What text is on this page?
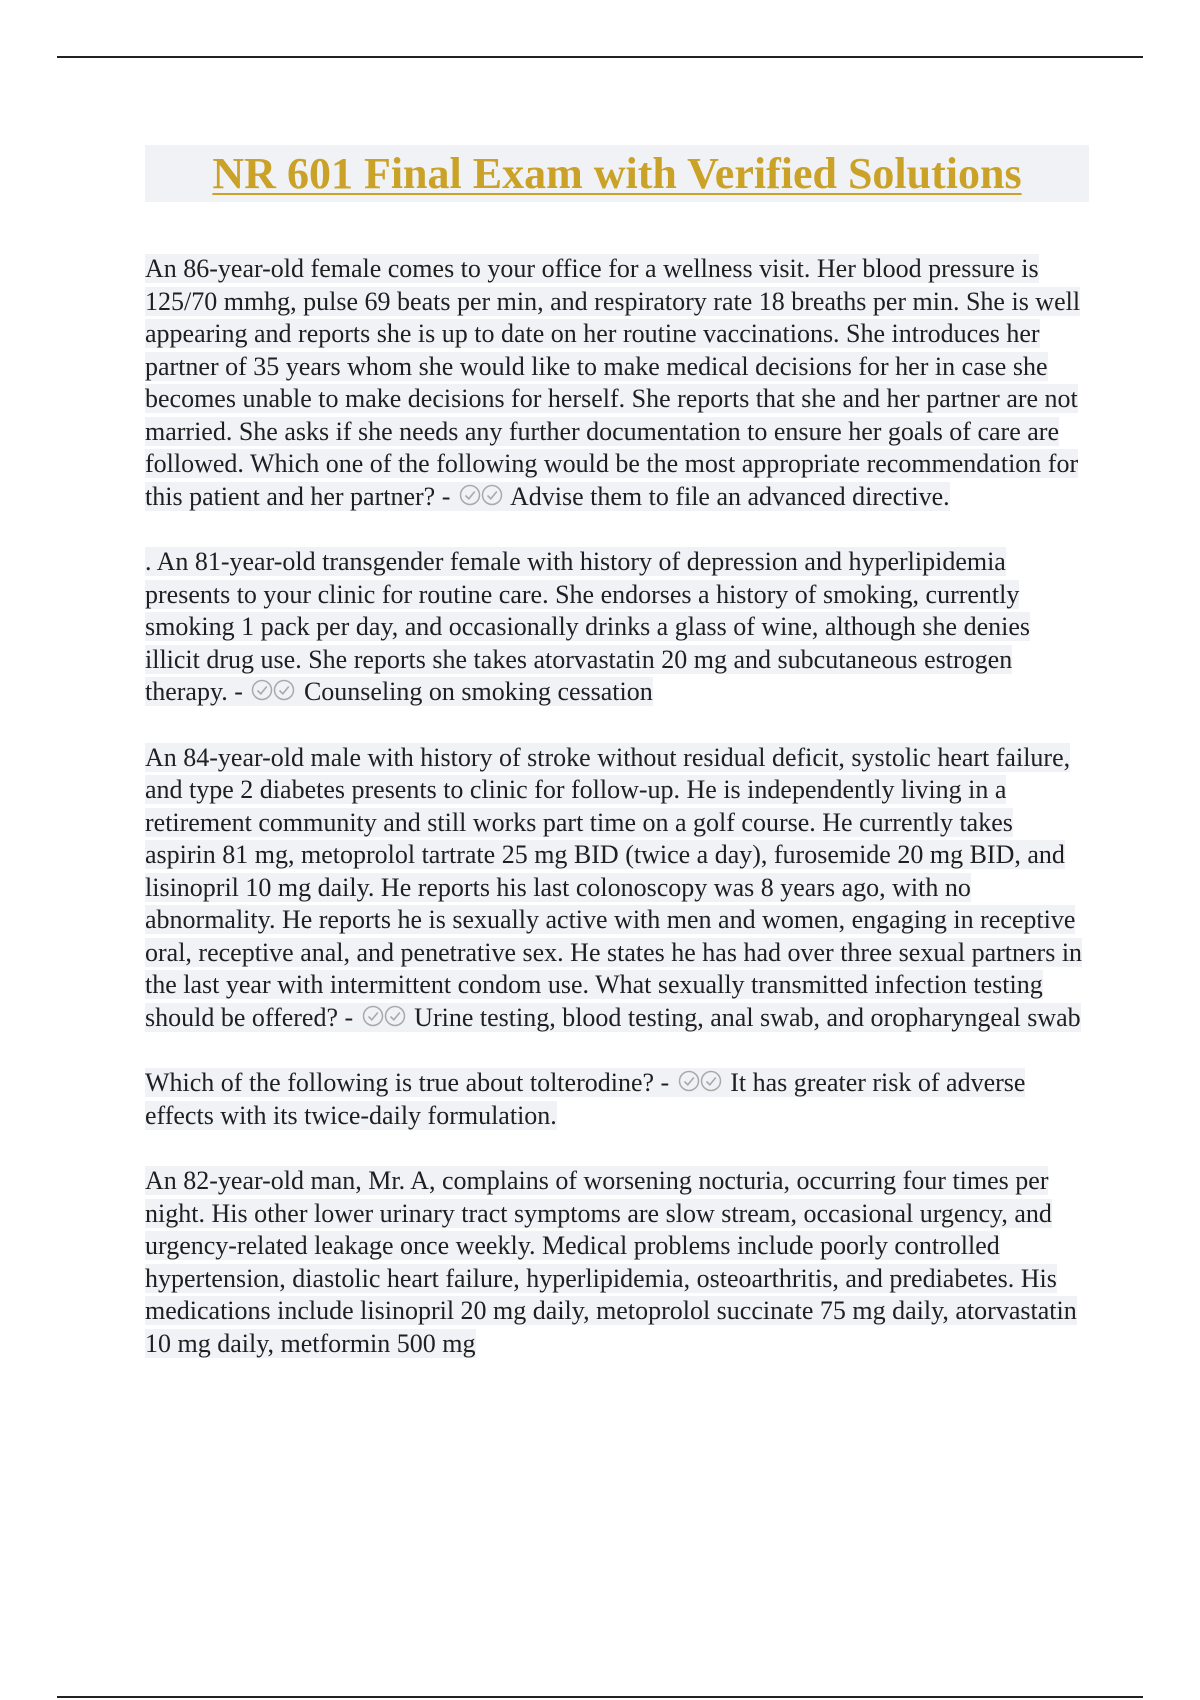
NR 601 Final Exam with Verified Solutions

An 86-year-old female comes to your office for a wellness visit. Her blood pressure is 125/70 mmhg, pulse 69 beats per min, and respiratory rate 18 breaths per min. She is well appearing and reports she is up to date on her routine vaccinations. She introduces her partner of 35 years whom she would like to make medical decisions for her in case she becomes unable to make decisions for herself. She reports that she and her partner are not married. She asks if she needs any further documentation to ensure her goals of care are followed. Which one of the following would be the most appropriate recommendation for this patient and her partner? -
Advise them to file an advanced directive.

. An 81-year-old transgender female with history of depression and hyperlipidemia presents to your clinic for routine care. She endorses a history of smoking, currently smoking 1 pack per day, and occasionally drinks a glass of wine, although she denies illicit drug use. She reports she takes atorvastatin 20 mg and subcutaneous estrogen therapy. -
Counseling on smoking cessation

An 84-year-old male with history of stroke without residual deficit, systolic heart failure, and type 2 diabetes presents to clinic for follow-up. He is independently living in a retirement community and still works part time on a golf course. He currently takes aspirin 81 mg, metoprolol tartrate 25 mg BID (twice a day), furosemide 20 mg BID, and lisinopril 10 mg daily. He reports his last colonoscopy was 8 years ago, with no abnormality. He reports he is sexually active with men and women, engaging in receptive oral, receptive anal, and penetrative sex. He states he has had over three sexual partners in the last year with intermittent condom use. What sexually transmitted infection testing should be offered? -
Urine testing, blood testing, anal swab, and oropharyngeal swab

Which of the following is true about tolterodine? -
It has greater risk of adverse effects with its twice-daily formulation.

An 82-year-old man, Mr. A, complains of worsening nocturia, occurring four times per night. His other lower urinary tract symptoms are slow stream, occasional urgency, and urgency-related leakage once weekly. Medical problems include poorly controlled hypertension, diastolic heart failure, hyperlipidemia, osteoarthritis, and prediabetes. His medications include lisinopril 20 mg daily, metoprolol succinate 75 mg daily, atorvastatin 10 mg daily, metformin 500 mg
